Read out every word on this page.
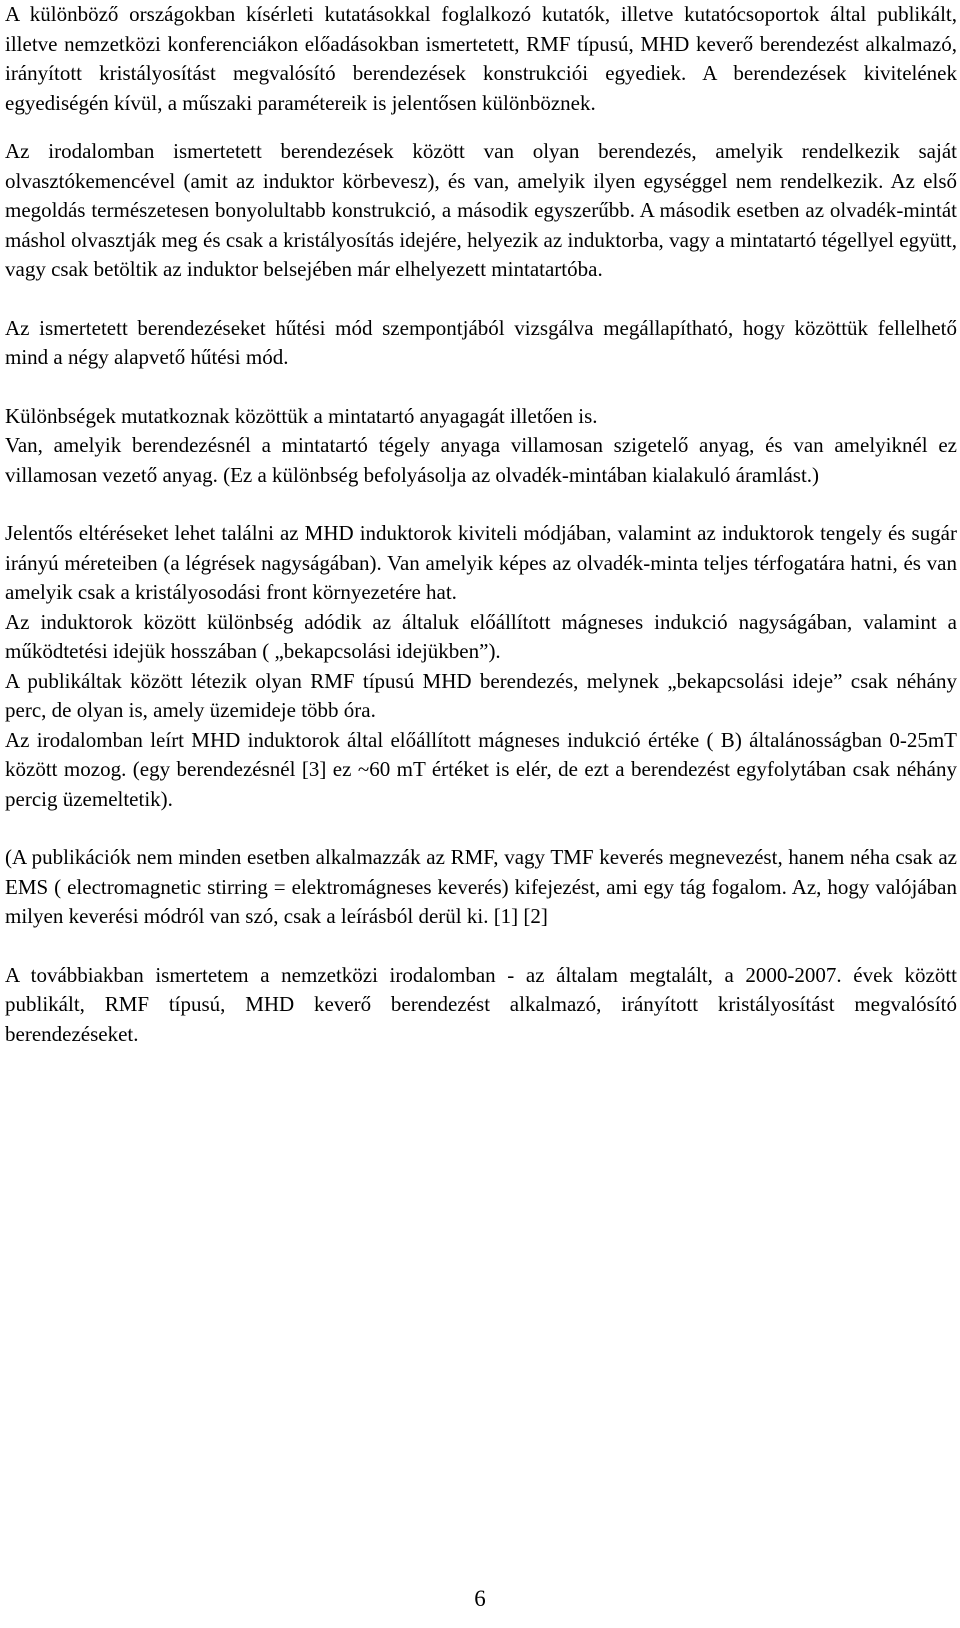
A különböző országokban kísérleti kutatásokkal foglalkozó kutatók, illetve kutatócsoportok által publikált, illetve nemzetközi konferenciákon előadásokban ismertetett, RMF típusú, MHD keverő berendezést alkalmazó, irányított kristályosítást megvalósító berendezések konstrukciói egyediek. A berendezések kivitelének egyediségén kívül, a műszaki paramétereik is jelentősen különböznek.

Az irodalomban ismertetett berendezések között van olyan berendezés, amelyik rendelkezik saját olvasztókemencével (amit az induktor körbevesz), és van, amelyik ilyen egységgel nem rendelkezik. Az első megoldás természetesen bonyolultabb konstrukció, a második egyszerűbb. A második esetben az olvadék-mintát máshol olvasztják meg és csak a kristályosítás idejére, helyezik az induktorba, vagy a mintatartó tégellyel együtt, vagy csak betöltik az induktor belsejében már elhelyezett mintatartóba.

Az ismertetett berendezéseket hűtési mód szempontjából vizsgálva megállapítható, hogy közöttük fellelhető mind a négy alapvető hűtési mód.

Különbségek mutatkoznak közöttük a mintatartó anyagagát illetően is.

Van, amelyik berendezésnél a mintatartó tégely anyaga villamosan szigetelő anyag, és van amelyiknél ez villamosan vezető anyag. (Ez a különbség befolyásolja az olvadék-mintában kialakuló áramlást.)

Jelentős eltéréseket lehet találni az MHD induktorok kiviteli módjában, valamint az induktorok tengely és sugár irányú méreteiben (a légrések nagyságában). Van amelyik képes az olvadék-minta teljes térfogatára hatni, és van amelyik csak a kristályosodási front környezetére hat.

Az induktorok között különbség adódik az általuk előállított mágneses indukció nagyságában, valamint a működtetési idejük hosszában ( „bekapcsolási idejükben”).

A publikáltak között létezik olyan RMF típusú MHD berendezés, melynek „bekapcsolási ideje” csak néhány perc, de olyan is, amely üzemideje több óra.

Az irodalomban leírt MHD induktorok által előállított mágneses indukció értéke ( B) általánosságban 0-25mT között mozog. (egy berendezésnél [3] ez ~60 mT értéket is elér, de ezt a berendezést egyfolytában csak néhány percig üzemeltetik).

(A publikációk nem minden esetben alkalmazzák az RMF, vagy TMF keverés megnevezést, hanem néha csak az EMS ( electromagnetic stirring = elektromágneses keverés) kifejezést, ami egy tág fogalom. Az, hogy valójában milyen keverési módról van szó, csak a leírásból derül ki. [1] [2]

A továbbiakban ismertetem a nemzetközi irodalomban - az általam megtalált, a 2000-2007. évek között publikált, RMF típusú, MHD keverő berendezést alkalmazó, irányított kristályosítást megvalósító berendezéseket.

6
